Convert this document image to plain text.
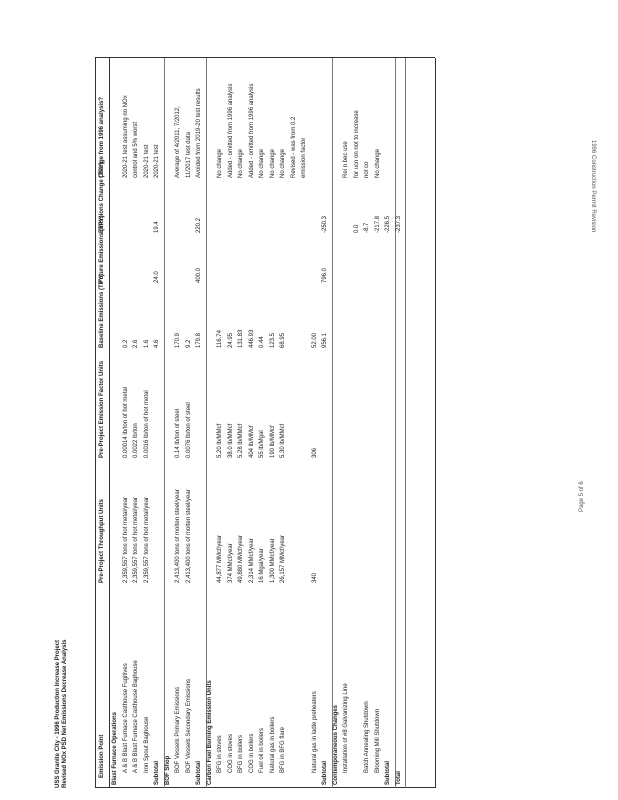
1996 Construction Permit Revision
Page 5 of 6
USS Granite City - 1996 Production Increase Project Revised NOx PSD Net Emissions Decrease Analysis	Emission Point
Pre-Project Throughput Units
Pre-Project Emission Factor Units
Baseline Emissions (TPY)
Future Emissions (TPY)
Emissions Change (TPY)
Change from 1996 analysis?
Blast Furnace Operations A & B Blast Furnace Casthouse Fugitives
2,359,557 tons of hot metal/year
0.00014 lb/ton of hot metal
0.2
2020-21 test assuming no NOx
A & B Blast Furnace Casthouse Baghouse
2,359,557 tons of hot metal/year
0.0022 lb/ton
2.6
control and 5% worst
Iron Spout Baghouse
2,359,557 tons of hot metal/year
0.0016 lb/ton of hot metal
1.6
2020-21 test
Subtotal
4.6
24.0
19.4
2020-21 test
BOF Shop BOF Vessels Primary Emissions
2,413,400 tons of molten steel/year
0.14 lb/ton of steel
170.9
Average of 4/2011, 7/2012,
BOF Vessels Secondary Emissions
2,413,400 tons of molten steel/year
0.0076 lb/ton of steel
9.2
11/2017 test data
Subtotal
179.8
400.0
220.2
Avoided from 2019-20 test results
Carbon Fuel Burning Emission Units BFG in stoves
44,877 MMcf/year
5.20 lb/MMcf
116.74
No change
COG in stoves
374 MMcf/year
38.0 lb/MMcf
24.95
Added - omitted from 1996 analysis
BFG in boilers
49,880 MMcf/year
5.28 lb/MMcf
131.83
No change
COG in boilers
2,314 MMcf/year
404 lb/MMcf
446.93
Added - omitted from 1996 analysis
Fuel oil in boilers
16 Mgal/year
55 lb/Mgal
0.44
No change
Natural gas in boilers
1,300 MMcf/year
190 lb/MMcf
123.5
No change
BFG in BFG flare
26,157 MMcf/year
5.30 lb/MMcf
68.95
No change Revised - was from 0.2 emission factor
Natural gas in ladle preheaters
340
306
52.00
Subtotal
956.1
796.0
-250.3
Contemporaneous Changes Installation of #8 Galvanizing Line
Rei n bec use
0.0
for ucn on not to increase
Batch Annealing Shutdown
-8.7
not co
Blooming Mill Shutdown
-217.8
No change
Subtotal
-226.5
Total
-237.3
